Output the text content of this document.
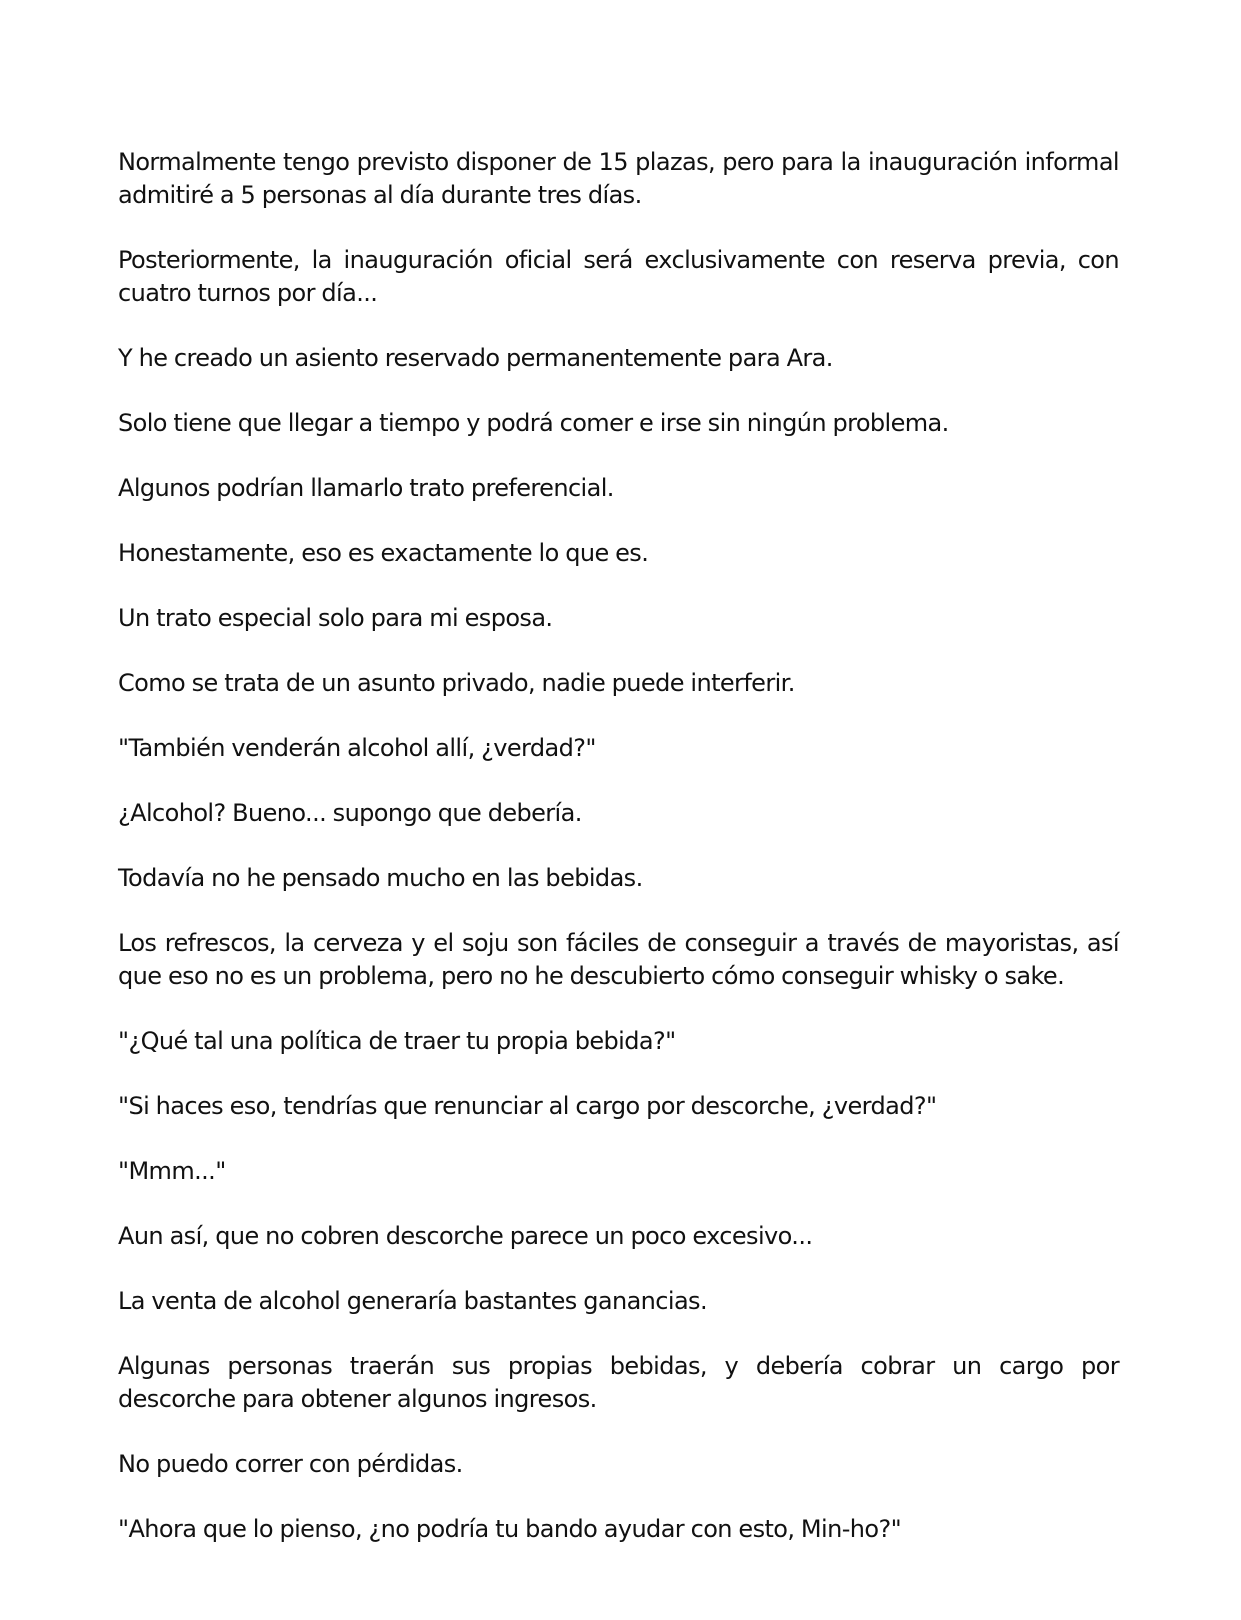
Normalmente tengo previsto disponer de 15 plazas, pero para la inauguración informal admitiré a 5 personas al día durante tres días.

Posteriormente, la inauguración oficial será exclusivamente con reserva previa, con cuatro turnos por día...

Y he creado un asiento reservado permanentemente para Ara.

Solo tiene que llegar a tiempo y podrá comer e irse sin ningún problema.

Algunos podrían llamarlo trato preferencial.

Honestamente, eso es exactamente lo que es.

Un trato especial solo para mi esposa.

Como se trata de un asunto privado, nadie puede interferir.

"También venderán alcohol allí, ¿verdad?"

¿Alcohol? Bueno... supongo que debería.

Todavía no he pensado mucho en las bebidas.

Los refrescos, la cerveza y el soju son fáciles de conseguir a través de mayoristas, así que eso no es un problema, pero no he descubierto cómo conseguir whisky o sake.

"¿Qué tal una política de traer tu propia bebida?"

"Si haces eso, tendrías que renunciar al cargo por descorche, ¿verdad?"

"Mmm..."

Aun así, que no cobren descorche parece un poco excesivo...

La venta de alcohol generaría bastantes ganancias.

Algunas personas traerán sus propias bebidas, y debería cobrar un cargo por descorche para obtener algunos ingresos.

No puedo correr con pérdidas.

"Ahora que lo pienso, ¿no podría tu bando ayudar con esto, Min-ho?"
